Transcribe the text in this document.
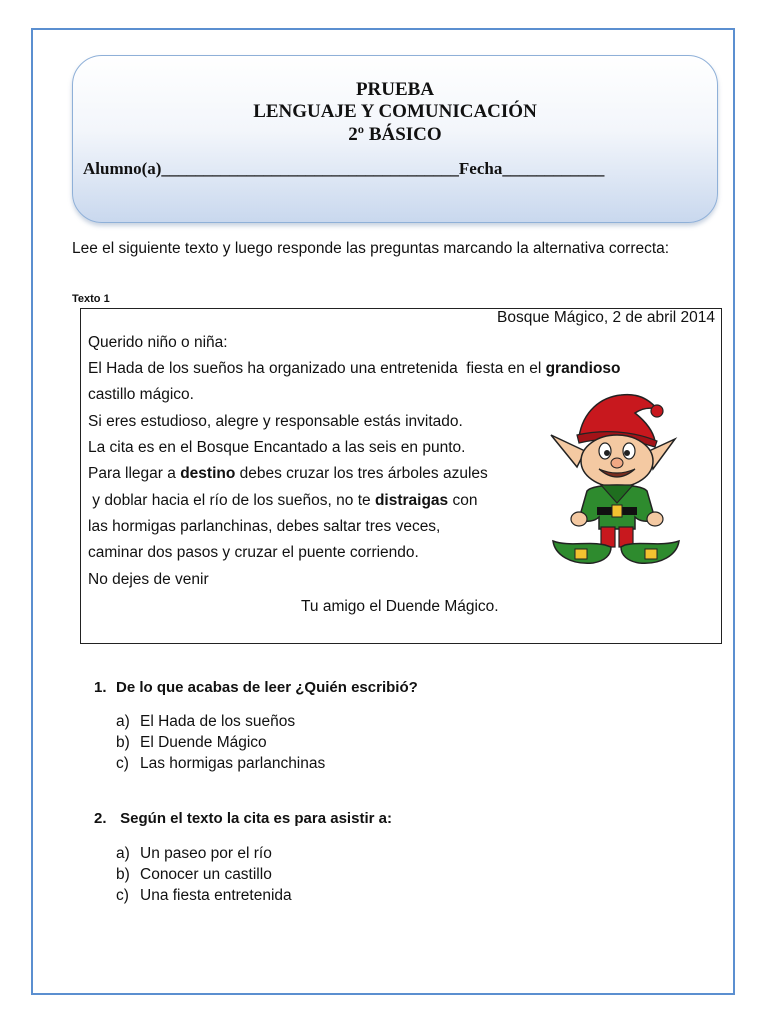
PRUEBA
LENGUAJE Y COMUNICACIÓN
2º BÁSICO
Alumno(a)___________________________________Fecha____________
Lee el siguiente texto y luego responde las preguntas marcando la alternativa correcta:
Texto 1
Bosque Mágico, 2 de abril 2014
Querido niño o niña:
El Hada de los sueños ha organizado una entretenida  fiesta en el grandioso
castillo mágico.
Si eres estudioso, alegre y responsable estás invitado.
La cita es en el Bosque Encantado a las seis en punto.
Para llegar a destino debes cruzar los tres árboles azules
y doblar hacia el río de los sueños, no te distraigas con
las hormigas parlanchinas, debes saltar tres veces,
caminar dos pasos y cruzar el puente corriendo.
No dejes de venir
Tu amigo el Duende Mágico.
1. De lo que acabas de leer ¿Quién escribió?
a) El Hada de los sueños
b) El Duende Mágico
c) Las hormigas parlanchinas
2. Según el texto la cita es para asistir a:
a) Un paseo por el río
b) Conocer un castillo
c) Una fiesta entretenida
